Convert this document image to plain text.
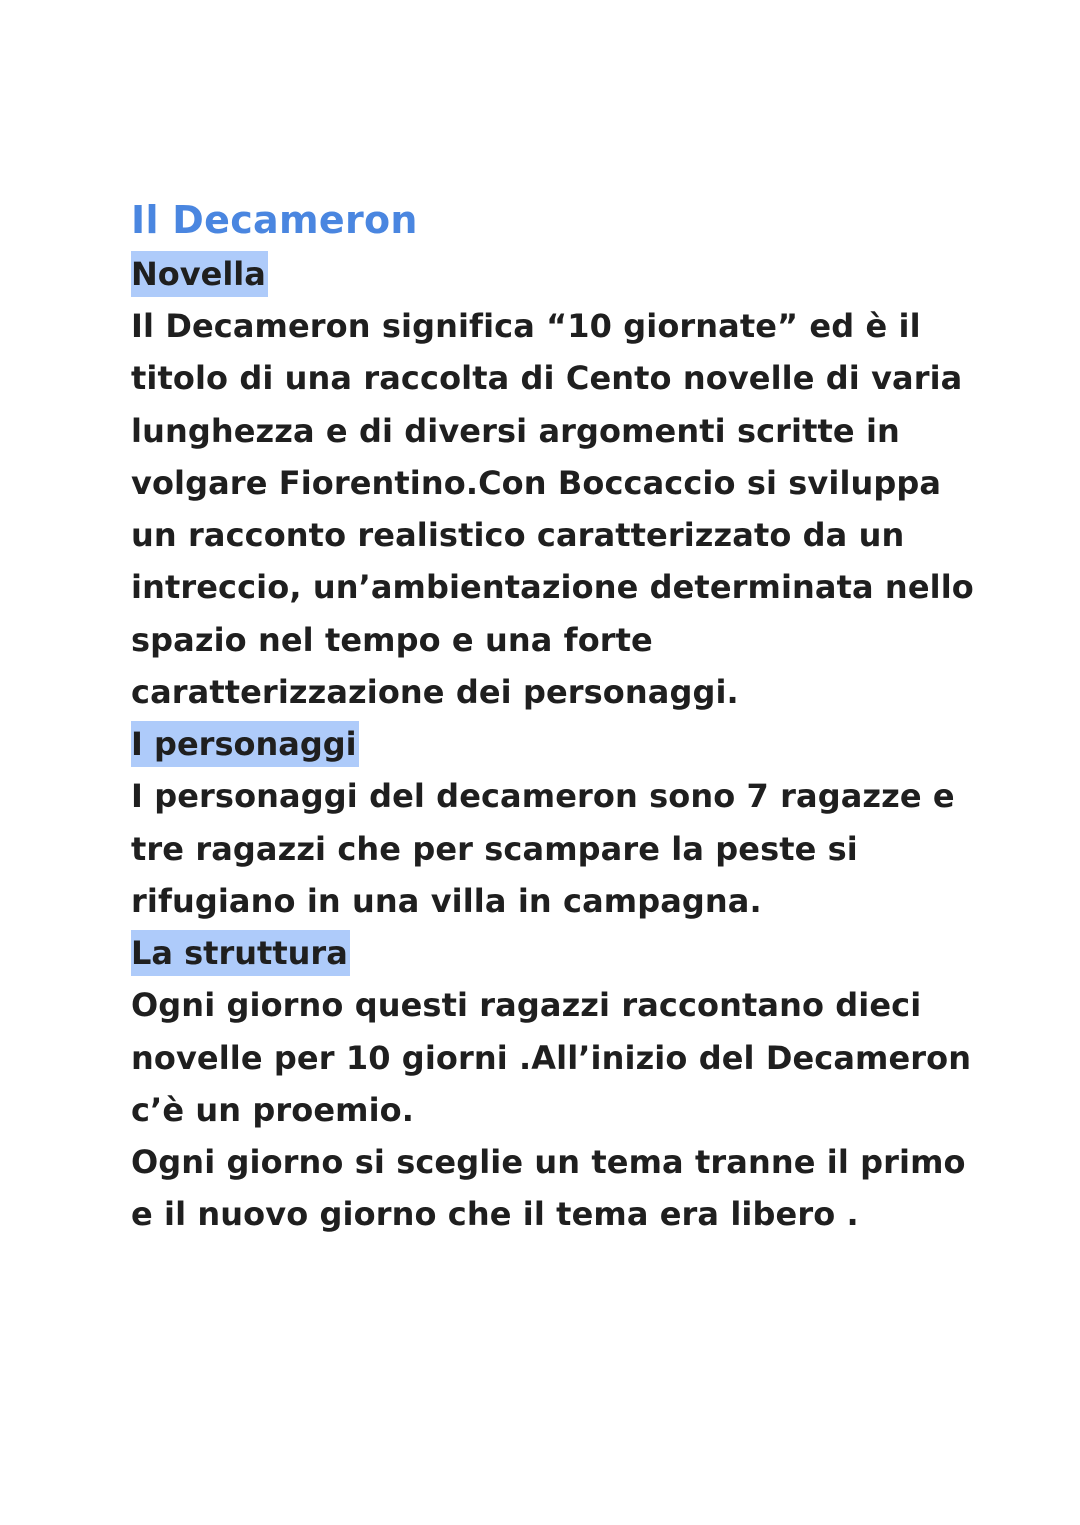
Il Decameron
Novella

Il Decameron significa “10 giornate” ed è il

titolo di una raccolta di Cento novelle di varia

lunghezza e di diversi argomenti scritte in

volgare Fiorentino.Con Boccaccio si sviluppa

un racconto realistico caratterizzato da un

intreccio, un’ambientazione determinata nello

spazio nel tempo e una forte

caratterizzazione dei personaggi.

I personaggi

I personaggi del decameron sono 7 ragazze e

tre ragazzi che per scampare la peste si

rifugiano in una villa in campagna.

La struttura

Ogni giorno questi ragazzi raccontano dieci

novelle per 10 giorni .All’inizio del Decameron

c’è un proemio.

Ogni giorno si sceglie un tema tranne il primo

e il nuovo giorno che il tema era libero .
